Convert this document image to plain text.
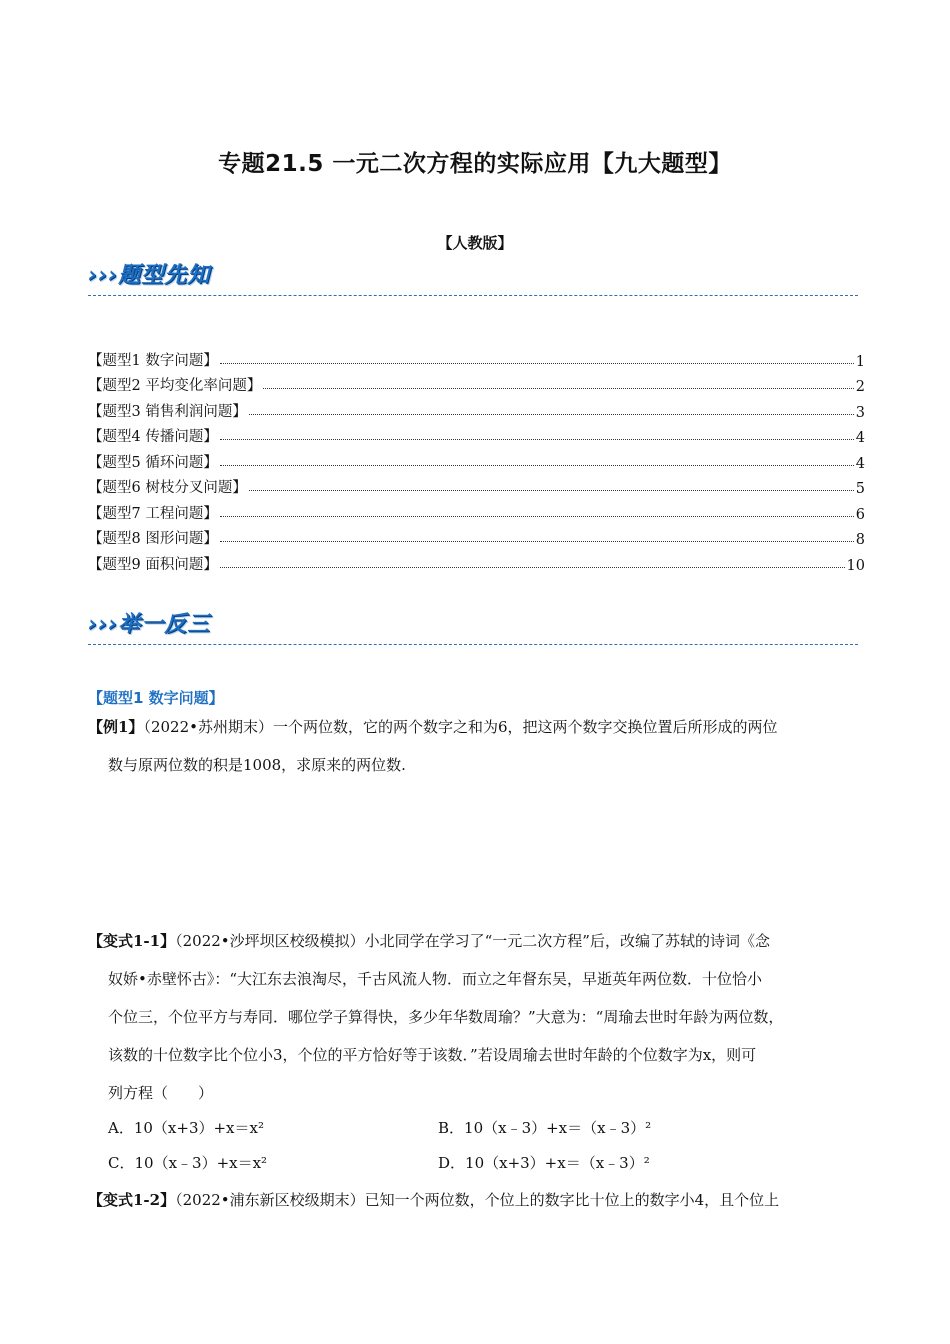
专题21.5 一元二次方程的实际应用【九大题型】
【人教版】
›››题型先知
【题型1 数字问题】	1
【题型2 平均变化率问题】	2
【题型3 销售利润问题】	3
【题型4 传播问题】	4
【题型5 循环问题】	4
【题型6 树枝分叉问题】	5
【题型7 工程问题】	6
【题型8 图形问题】	8
【题型9 面积问题】	10
›››举一反三
【题型1 数字问题】
【例1】（2022•苏州期末）一个两位数，它的两个数字之和为6，把这两个数字交换位置后所形成的两位
数与原两位数的积是1008，求原来的两位数.
【变式1-1】（2022•沙坪坝区校级模拟）小北同学在学习了“一元二次方程”后，改编了苏轼的诗词《念
奴娇•赤壁怀古》：“大江东去浪淘尽，千古风流人物．而立之年督东吴，早逝英年两位数．十位恰小
个位三，个位平方与寿同．哪位学子算得快，多少年华数周瑜？”大意为：“周瑜去世时年龄为两位数，
该数的十位数字比个位小3，个位的平方恰好等于该数．”若设周瑜去世时年龄的个位数字为x，则可
列方程（　　）
A．10（x+3）+x＝x²	B．10（x﹣3）+x＝（x﹣3）²
C．10（x﹣3）+x＝x²	D．10（x+3）+x＝（x﹣3）²
【变式1-2】（2022•浦东新区校级期末）已知一个两位数，个位上的数字比十位上的数字小4，且个位上
